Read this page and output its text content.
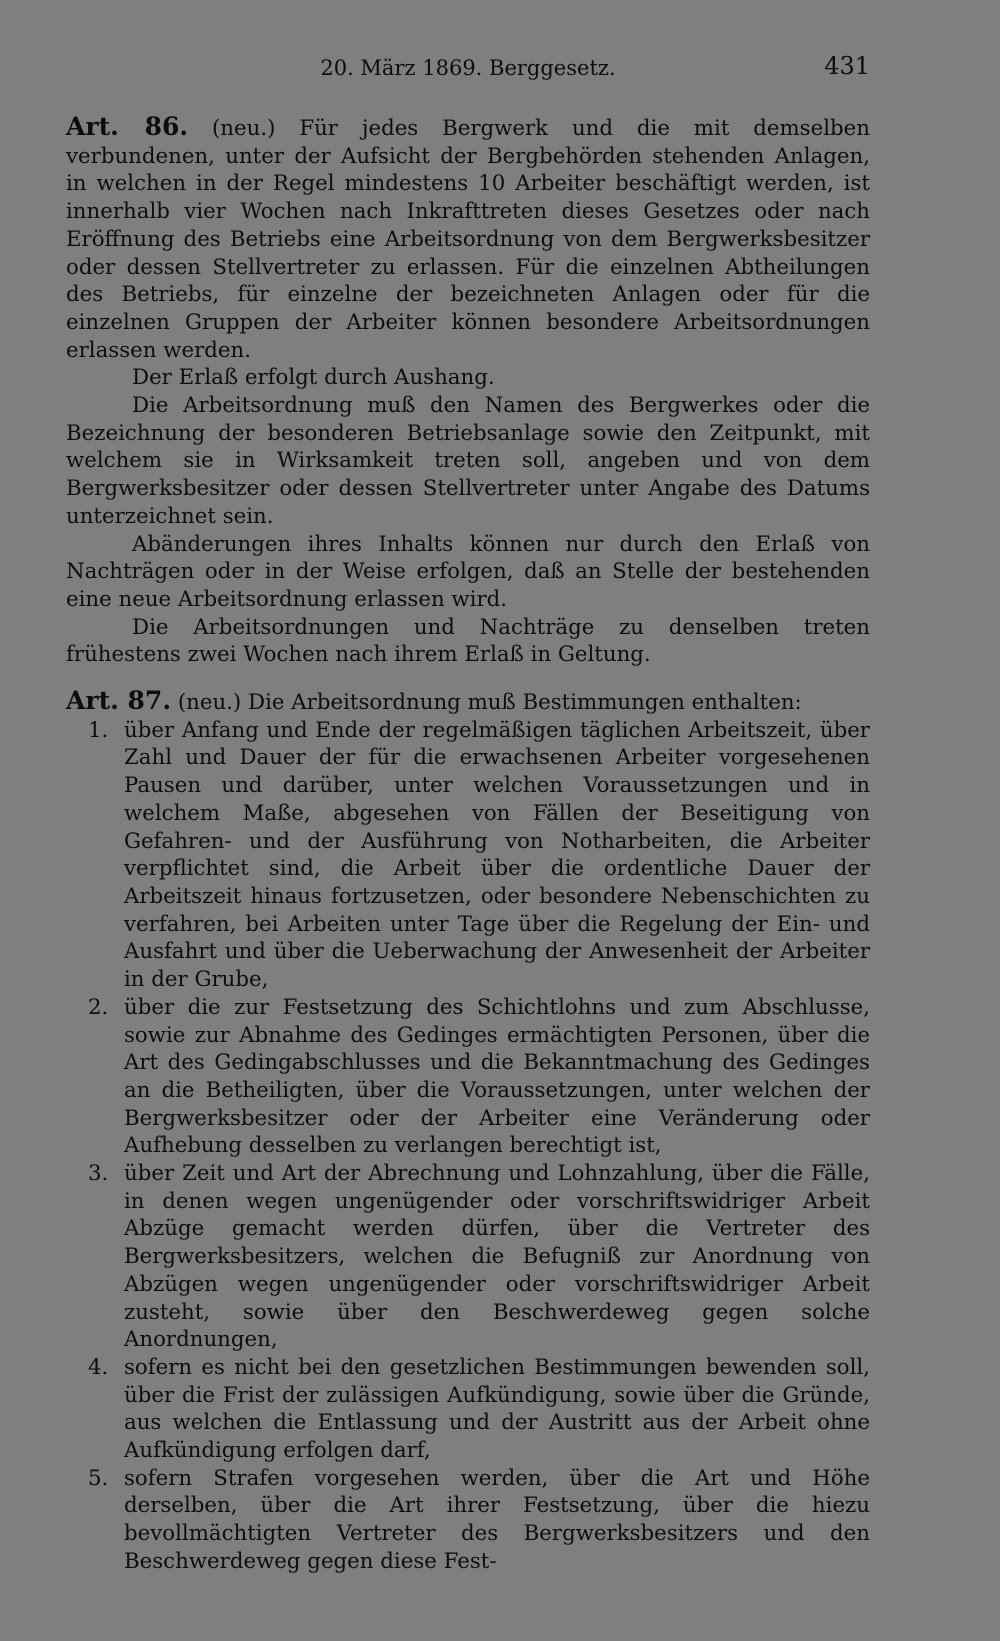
20. März 1869. Berggesetz.	431

Art. 86. (neu.) Für jedes Bergwerk und die mit demselben verbundenen, unter der Aufsicht der Bergbehörden stehenden Anlagen, in welchen in der Regel mindestens 10 Arbeiter beschäftigt werden, ist innerhalb vier Wochen nach Inkrafttreten dieses Gesetzes oder nach Eröffnung des Betriebs eine Arbeitsordnung von dem Bergwerksbesitzer oder dessen Stellvertreter zu erlassen. Für die einzelnen Abtheilungen des Betriebs, für einzelne der bezeichneten Anlagen oder für die einzelnen Gruppen der Arbeiter können besondere Arbeitsordnungen erlassen werden.

Der Erlaß erfolgt durch Aushang.

Die Arbeitsordnung muß den Namen des Bergwerkes oder die Bezeichnung der besonderen Betriebsanlage sowie den Zeitpunkt, mit welchem sie in Wirksamkeit treten soll, angeben und von dem Bergwerksbesitzer oder dessen Stellvertreter unter Angabe des Datums unterzeichnet sein.

Abänderungen ihres Inhalts können nur durch den Erlaß von Nachträgen oder in der Weise erfolgen, daß an Stelle der bestehenden eine neue Arbeitsordnung erlassen wird.

Die Arbeitsordnungen und Nachträge zu denselben treten frühestens zwei Wochen nach ihrem Erlaß in Geltung.

Art. 87. (neu.) Die Arbeitsordnung muß Bestimmungen enthalten:

1. über Anfang und Ende der regelmäßigen täglichen Arbeitszeit, über Zahl und Dauer der für die erwachsenen Arbeiter vorgesehenen Pausen und darüber, unter welchen Voraussetzungen und in welchem Maße, abgesehen von Fällen der Beseitigung von Gefahren- und der Ausführung von Notharbeiten, die Arbeiter verpflichtet sind, die Arbeit über die ordentliche Dauer der Arbeitszeit hinaus fortzusetzen, oder besondere Nebenschichten zu verfahren, bei Arbeiten unter Tage über die Regelung der Ein- und Ausfahrt und über die Ueberwachung der Anwesenheit der Arbeiter in der Grube,
2. über die zur Festsetzung des Schichtlohns und zum Abschlusse, sowie zur Abnahme des Gedinges ermächtigten Personen, über die Art des Gedingabschlusses und die Bekanntmachung des Gedinges an die Betheiligten, über die Voraussetzungen, unter welchen der Bergwerksbesitzer oder der Arbeiter eine Veränderung oder Aufhebung desselben zu verlangen berechtigt ist,
3. über Zeit und Art der Abrechnung und Lohnzahlung, über die Fälle, in denen wegen ungenügender oder vorschriftswidriger Arbeit Abzüge gemacht werden dürfen, über die Vertreter des Bergwerksbesitzers, welchen die Befugniß zur Anordnung von Abzügen wegen ungenügender oder vorschriftswidriger Arbeit zusteht, sowie über den Beschwerdeweg gegen solche Anordnungen,
4. sofern es nicht bei den gesetzlichen Bestimmungen bewenden soll, über die Frist der zulässigen Aufkündigung, sowie über die Gründe, aus welchen die Entlassung und der Austritt aus der Arbeit ohne Aufkündigung erfolgen darf,
5. sofern Strafen vorgesehen werden, über die Art und Höhe derselben, über die Art ihrer Festsetzung, über die hiezu bevollmächtigten Vertreter des Bergwerksbesitzers und den Beschwerdeweg gegen diese Fest-
